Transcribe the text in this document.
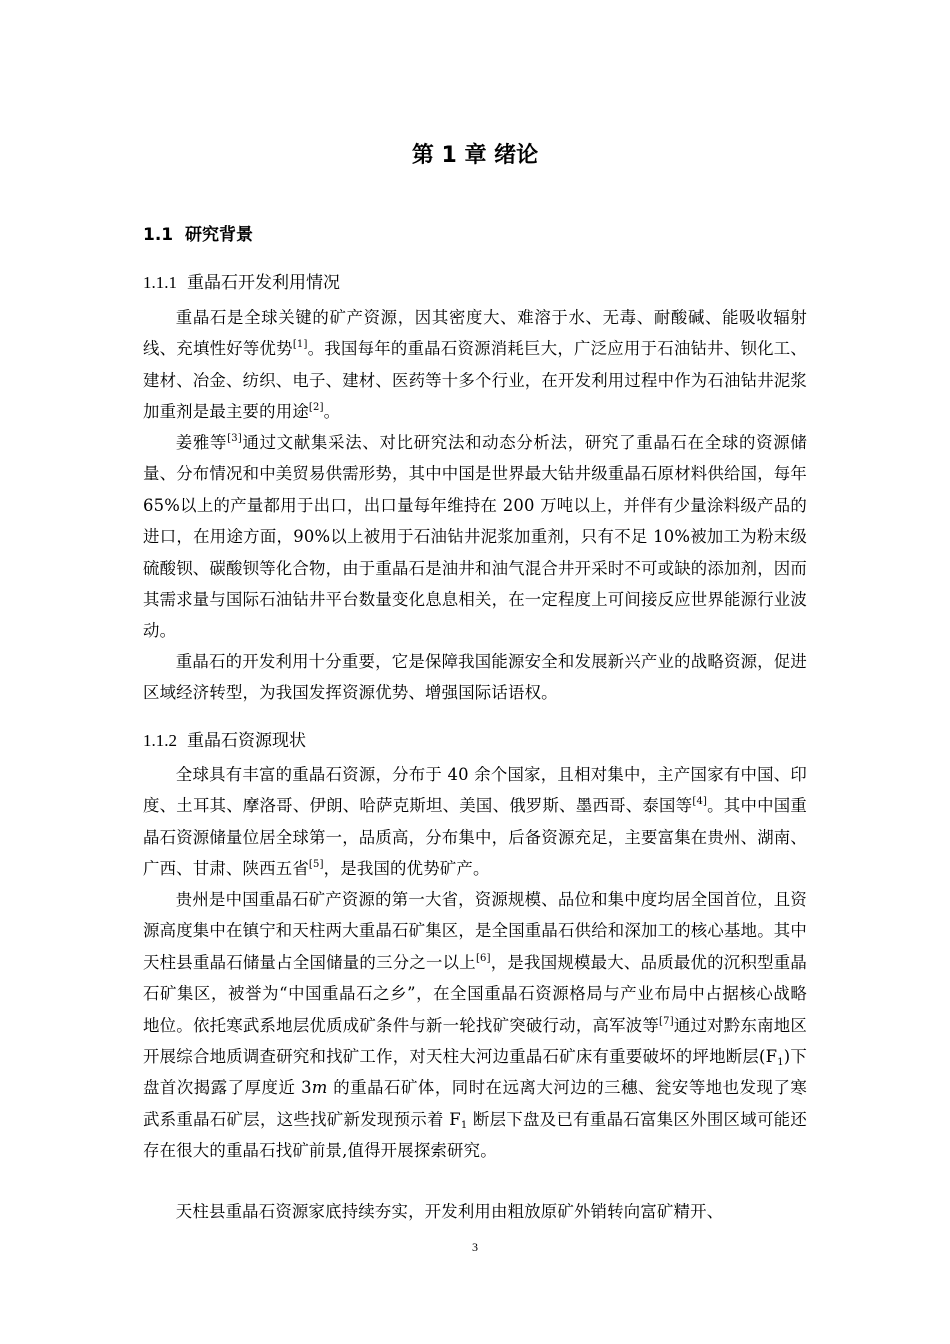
第 1 章 绪论
1.1 研究背景
1.1.1 重晶石开发利用情况
重晶石是全球关键的矿产资源，因其密度大、难溶于水、无毒、耐酸碱、能吸收辐射线、充填性好等优势[1]。我国每年的重晶石资源消耗巨大，广泛应用于石油钻井、钡化工、建材、冶金、纺织、电子、建材、医药等十多个行业，在开发利用过程中作为石油钻井泥浆加重剂是最主要的用途[2]。
姜雅等[3]通过文献集采法、对比研究法和动态分析法，研究了重晶石在全球的资源储量、分布情况和中美贸易供需形势，其中中国是世界最大钻井级重晶石原材料供给国，每年 65%以上的产量都用于出口，出口量每年维持在 200 万吨以上，并伴有少量涂料级产品的进口，在用途方面，90%以上被用于石油钻井泥浆加重剂，只有不足 10%被加工为粉末级硫酸钡、碳酸钡等化合物，由于重晶石是油井和油气混合井开采时不可或缺的添加剂，因而其需求量与国际石油钻井平台数量变化息息相关，在一定程度上可间接反应世界能源行业波动。
重晶石的开发利用十分重要，它是保障我国能源安全和发展新兴产业的战略资源，促进区域经济转型，为我国发挥资源优势、增强国际话语权。
1.1.2 重晶石资源现状
全球具有丰富的重晶石资源，分布于 40 余个国家，且相对集中，主产国家有中国、印度、土耳其、摩洛哥、伊朗、哈萨克斯坦、美国、俄罗斯、墨西哥、泰国等[4]。其中中国重晶石资源储量位居全球第一，品质高，分布集中，后备资源充足，主要富集在贵州、湖南、广西、甘肃、陕西五省[5]，是我国的优势矿产。
贵州是中国重晶石矿产资源的第一大省，资源规模、品位和集中度均居全国首位，且资源高度集中在镇宁和天柱两大重晶石矿集区，是全国重晶石供给和深加工的核心基地。其中天柱县重晶石储量占全国储量的三分之一以上[6]，是我国规模最大、品质最优的沉积型重晶石矿集区，被誉为“中国重晶石之乡”，在全国重晶石资源格局与产业布局中占据核心战略地位。依托寒武系地层优质成矿条件与新一轮找矿突破行动，高军波等[7]通过对黔东南地区开展综合地质调查研究和找矿工作，对天柱大河边重晶石矿床有重要破坏的坪地断层$(F_1)$下盘首次揭露了厚度近 3m 的重晶石矿体，同时在远离大河边的三穗、瓮安等地也发现了寒武系重晶石矿层，这些找矿新发现预示着 $F_1$ 断层下盘及已有重晶石富集区外围区域可能还存在很大的重晶石找矿前景,值得开展探索研究。
天柱县重晶石资源家底持续夯实，开发利用由粗放原矿外销转向富矿精开、
3
